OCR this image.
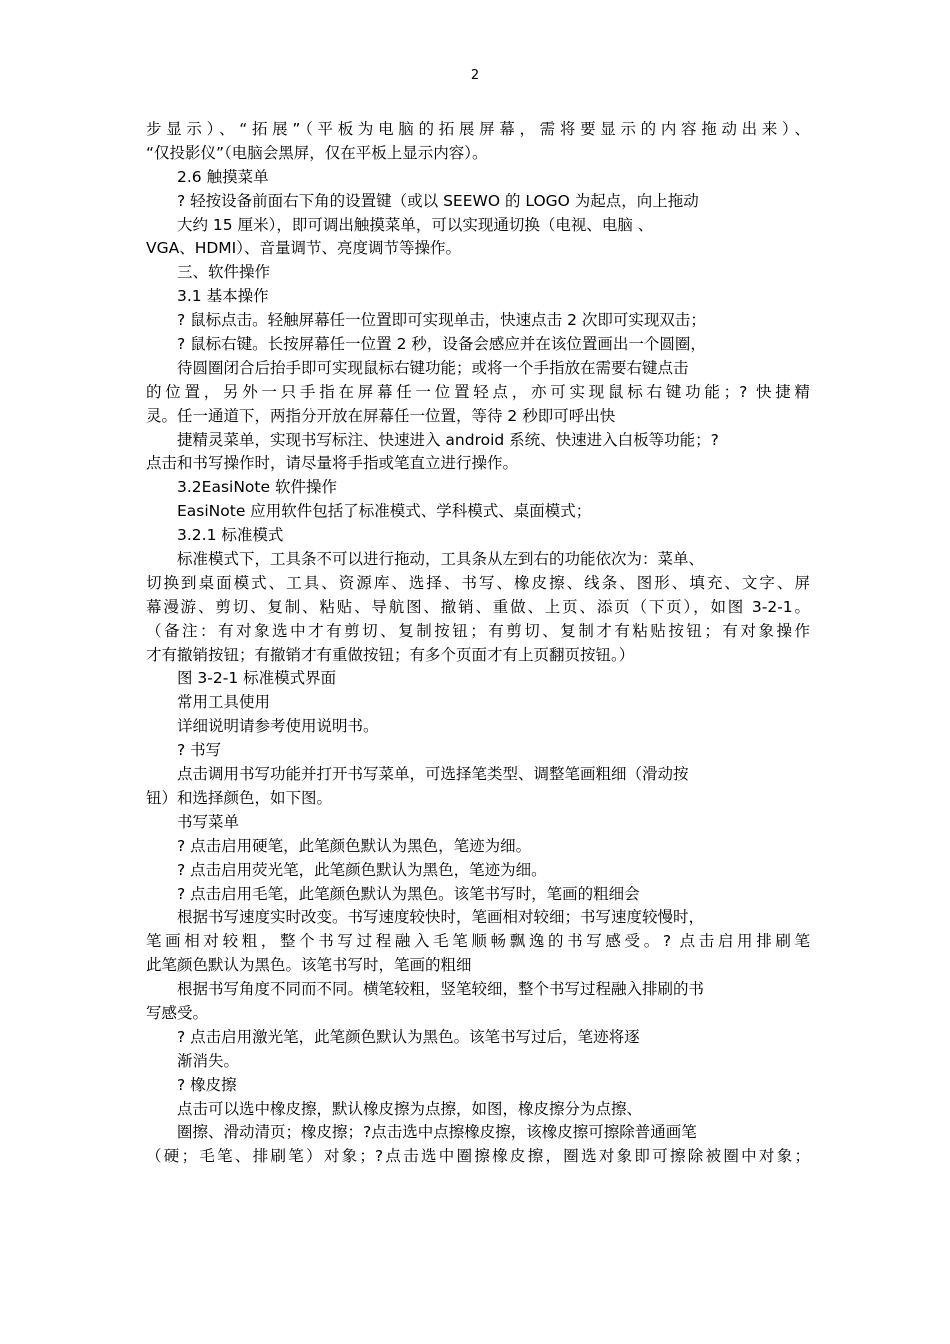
2
步显示）、“拓展”（平板为电脑的拓展屏幕，需将要显示的内容拖动出来）、
“仅投影仪”（电脑会黑屏，仅在平板上显示内容）。
2.6 触摸菜单
? 轻按设备前面右下角的设置键（或以 SEEWO 的 LOGO 为起点，向上拖动
大约 15 厘米），即可调出触摸菜单，可以实现通切换（电视、电脑 、
VGA、HDMI）、音量调节、亮度调节等操作。
三、软件操作
3.1 基本操作
? 鼠标点击。轻触屏幕任一位置即可实现单击，快速点击 2 次即可实现双击；
? 鼠标右键。长按屏幕任一位置 2 秒，设备会感应并在该位置画出一个圆圈，
待圆圈闭合后抬手即可实现鼠标右键功能；或将一个手指放在需要右键点击
的位置，另外一只手指在屏幕任一位置轻点，亦可实现鼠标右键功能；? 快捷精
灵。任一通道下，两指分开放在屏幕任一位置，等待 2 秒即可呼出快
捷精灵菜单，实现书写标注、快速进入 android 系统、快速进入白板等功能；?
点击和书写操作时，请尽量将手指或笔直立进行操作。
3.2EasiNote 软件操作
EasiNote 应用软件包括了标准模式、学科模式、桌面模式；
3.2.1 标准模式
标准模式下，工具条不可以进行拖动，工具条从左到右的功能依次为：菜单、
切换到桌面模式、工具、资源库、选择、书写、橡皮擦、线条、图形、填充、文字、屏
幕漫游、剪切、复制、粘贴、导航图、撤销、重做、上页、添页（下页），如图 3-2-1。
（备注：有对象选中才有剪切、复制按钮；有剪切、复制才有粘贴按钮；有对象操作
才有撤销按钮；有撤销才有重做按钮；有多个页面才有上页翻页按钮。）
图 3-2-1 标准模式界面
常用工具使用
详细说明请参考使用说明书。
? 书写
点击调用书写功能并打开书写菜单，可选择笔类型、调整笔画粗细（滑动按
钮）和选择颜色，如下图。
书写菜单
? 点击启用硬笔，此笔颜色默认为黑色，笔迹为细。
? 点击启用荧光笔，此笔颜色默认为黑色，笔迹为细。
? 点击启用毛笔，此笔颜色默认为黑色。该笔书写时，笔画的粗细会
根据书写速度实时改变。书写速度较快时，笔画相对较细；书写速度较慢时，
笔画相对较粗，整个书写过程融入毛笔顺畅飘逸的书写感受。? 点击启用排刷笔
此笔颜色默认为黑色。该笔书写时，笔画的粗细
根据书写角度不同而不同。横笔较粗，竖笔较细，整个书写过程融入排刷的书
写感受。
? 点击启用激光笔，此笔颜色默认为黑色。该笔书写过后，笔迹将逐
渐消失。
? 橡皮擦
点击可以选中橡皮擦，默认橡皮擦为点擦，如图，橡皮擦分为点擦、
圈擦、滑动清页；橡皮擦；?点击选中点擦橡皮擦，该橡皮擦可擦除普通画笔
（硬；毛笔、排刷笔）对象；?点击选中圈擦橡皮擦，圈选对象即可擦除被圈中对象；
